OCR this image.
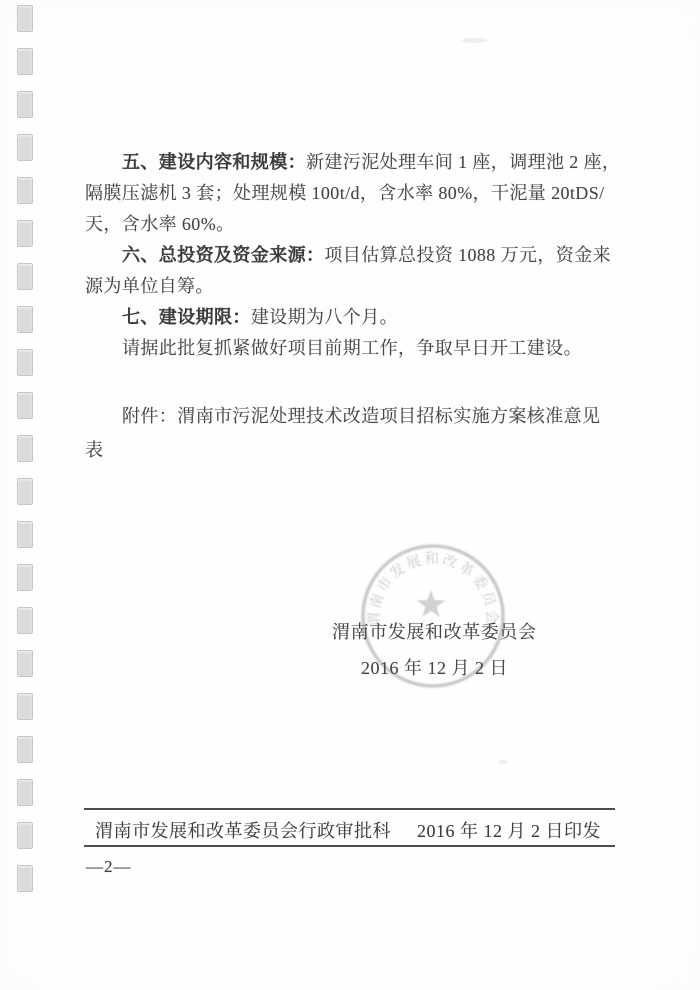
五、建设内容和规模：新建污泥处理车间 1 座，调理池 2 座，
隔膜压滤机 3 套；处理规模 100t/d，含水率 80%，干泥量 20tDS/
天，含水率 60%。
六、总投资及资金来源：项目估算总投资 1088 万元，资金来
源为单位自筹。
七、建设期限：建设期为八个月。
请据此批复抓紧做好项目前期工作，争取早日开工建设。
附件：渭南市污泥处理技术改造项目招标实施方案核准意见
表
渭南市发展和改革委员会
渭南市发展和改革委员会
2016 年 12 月 2 日
渭南市发展和改革委员会行政审批科 2016 年 12 月 2 日印发
—2—
